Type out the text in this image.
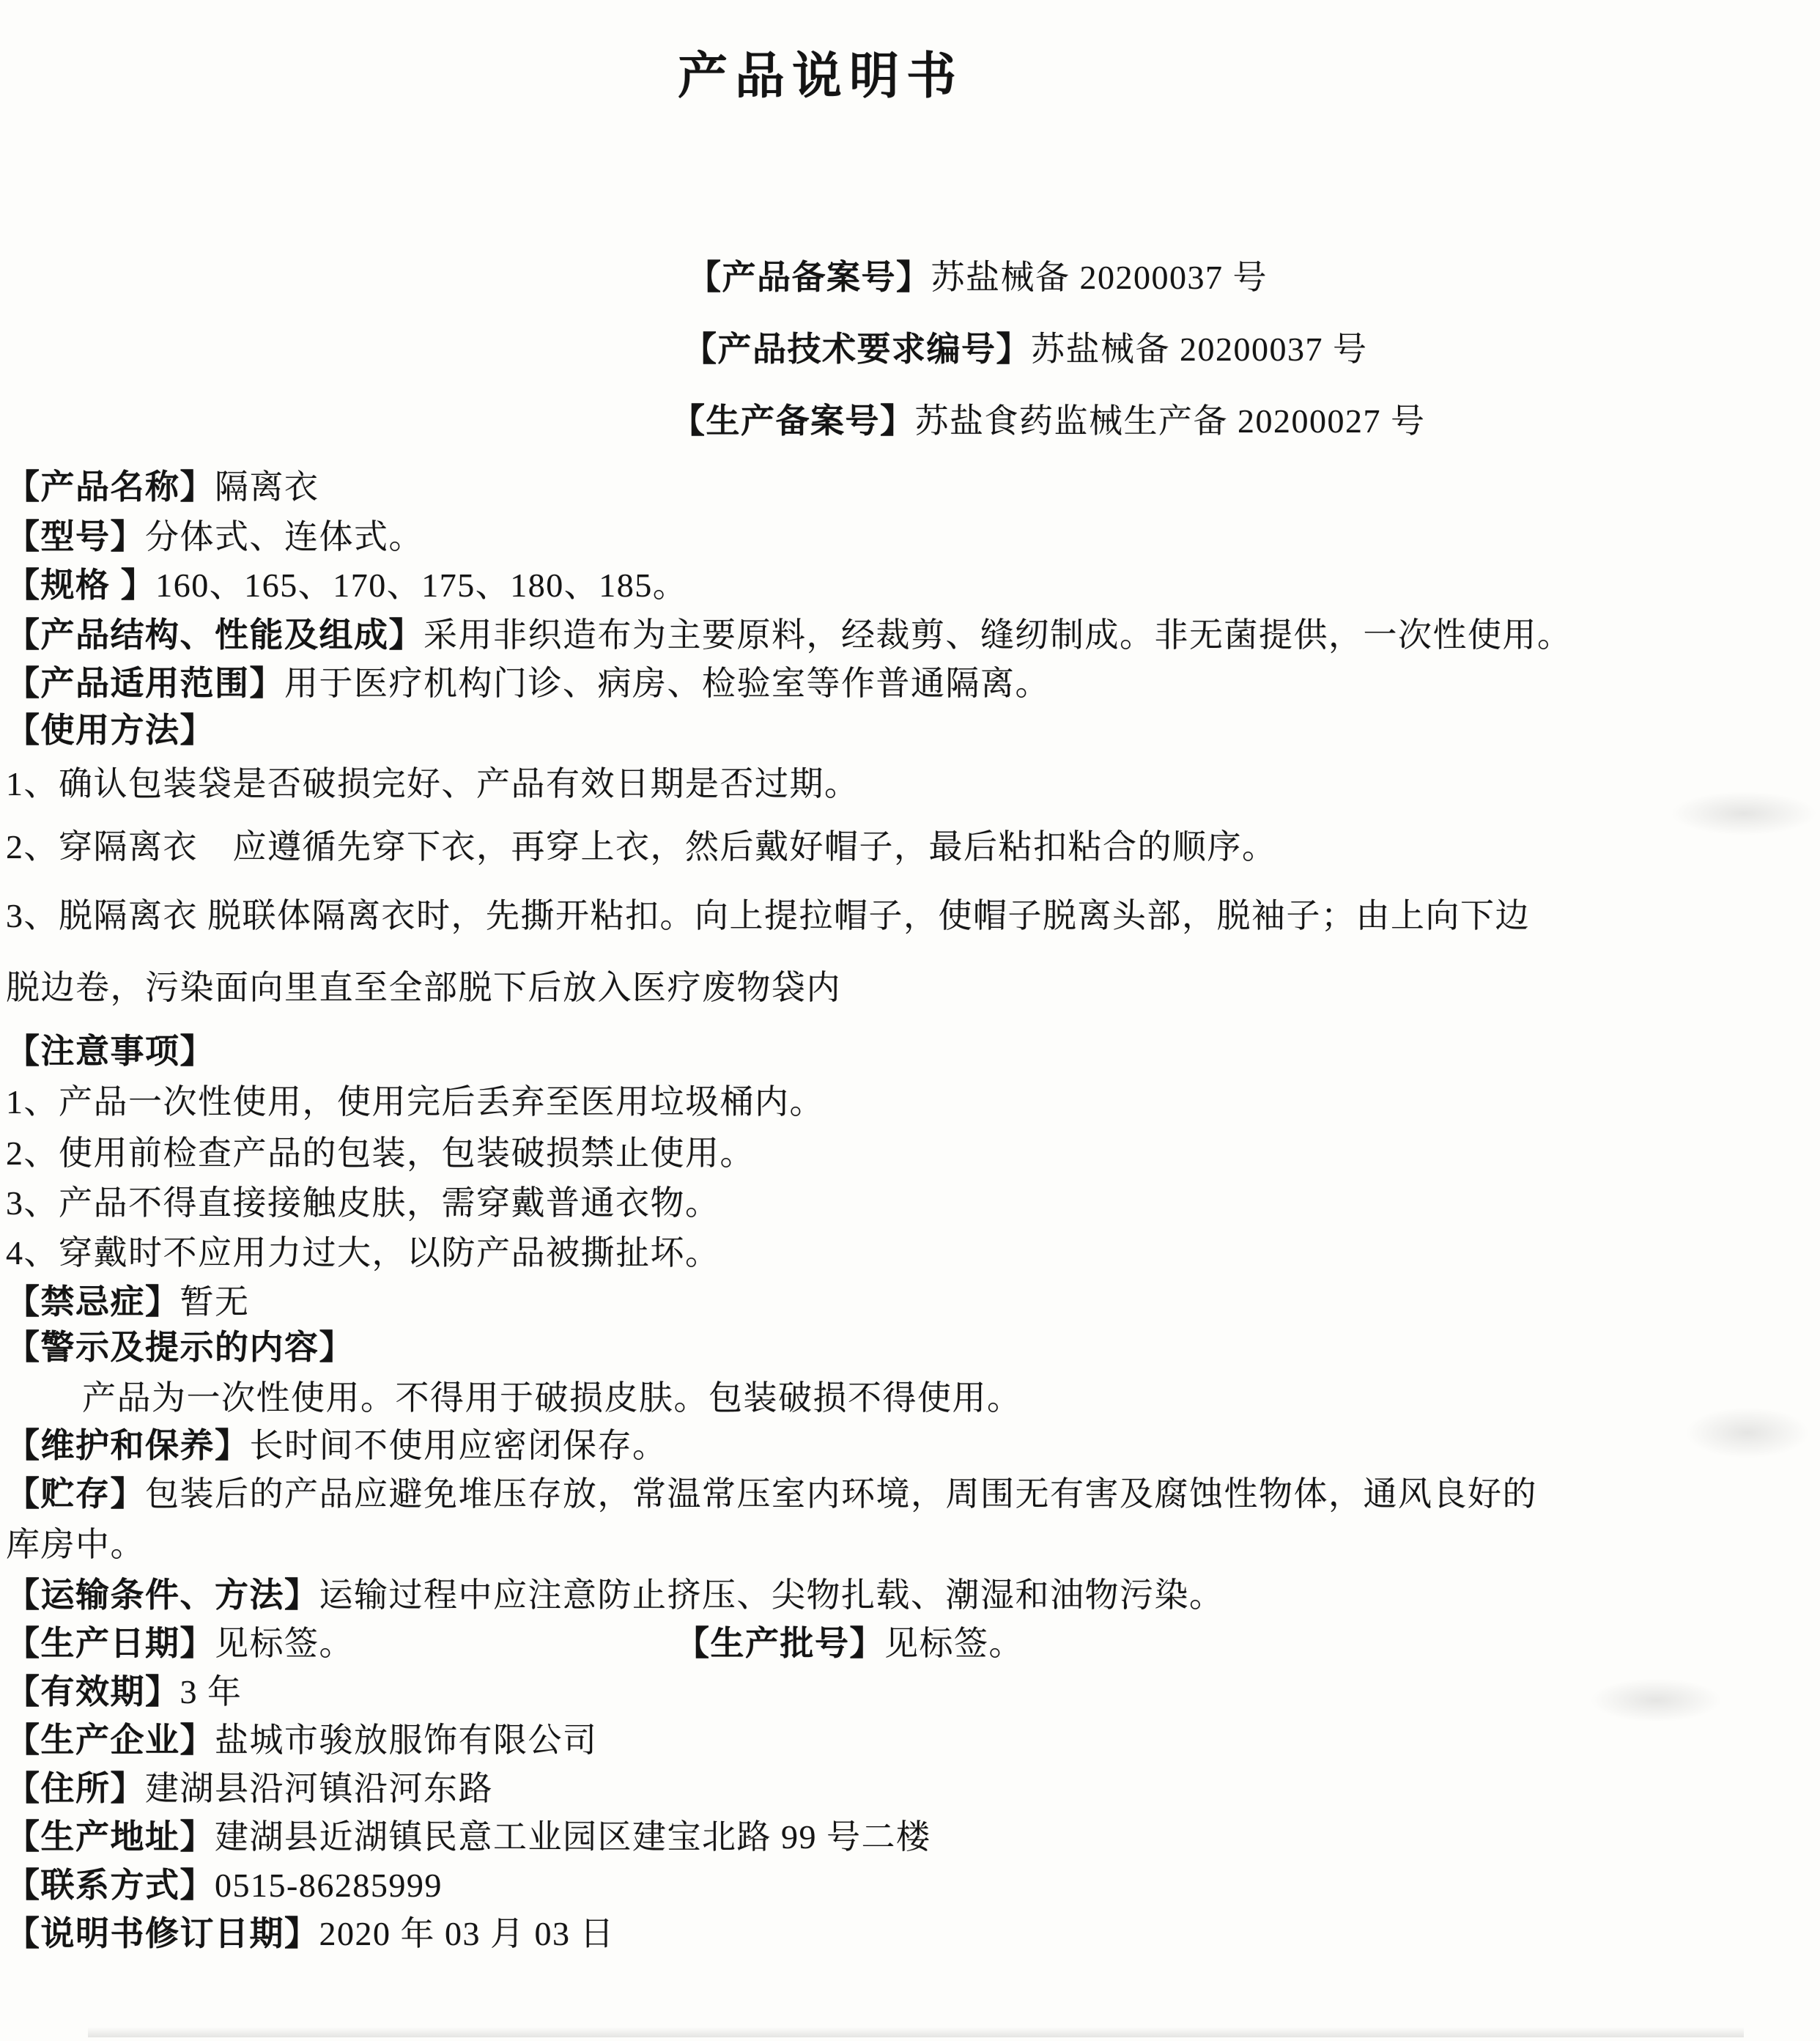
产品说明书
【产品备案号】苏盐械备 20200037 号
【产品技术要求编号】苏盐械备 20200037 号
【生产备案号】苏盐食药监械生产备 20200027 号
【产品名称】隔离衣
【型号】分体式、连体式。
【规格 】160、165、170、175、180、185。
【产品结构、性能及组成】采用非织造布为主要原料，经裁剪、缝纫制成。非无菌提供，一次性使用。
【产品适用范围】用于医疗机构门诊、病房、检验室等作普通隔离。
【使用方法】
1、确认包装袋是否破损完好、产品有效日期是否过期。
2、穿隔离衣　应遵循先穿下衣，再穿上衣，然后戴好帽子，最后粘扣粘合的顺序。
3、脱隔离衣 脱联体隔离衣时，先撕开粘扣。向上提拉帽子，使帽子脱离头部，脱袖子；由上向下边
脱边卷，污染面向里直至全部脱下后放入医疗废物袋内
【注意事项】
1、产品一次性使用，使用完后丢弃至医用垃圾桶内。
2、使用前检查产品的包装，包装破损禁止使用。
3、产品不得直接接触皮肤，需穿戴普通衣物。
4、穿戴时不应用力过大，以防产品被撕扯坏。
【禁忌症】暂无
【警示及提示的内容】
产品为一次性使用。不得用于破损皮肤。包装破损不得使用。
【维护和保养】长时间不使用应密闭保存。
【贮存】包装后的产品应避免堆压存放，常温常压室内环境，周围无有害及腐蚀性物体，通风良好的
库房中。
【运输条件、方法】运输过程中应注意防止挤压、尖物扎载、潮湿和油物污染。
【生产日期】见标签。	【生产批号】见标签。
【有效期】3 年
【生产企业】盐城市骏放服饰有限公司
【住所】建湖县沿河镇沿河东路
【生产地址】建湖县近湖镇民意工业园区建宝北路 99 号二楼
【联系方式】0515-86285999
【说明书修订日期】2020 年 03 月 03 日
